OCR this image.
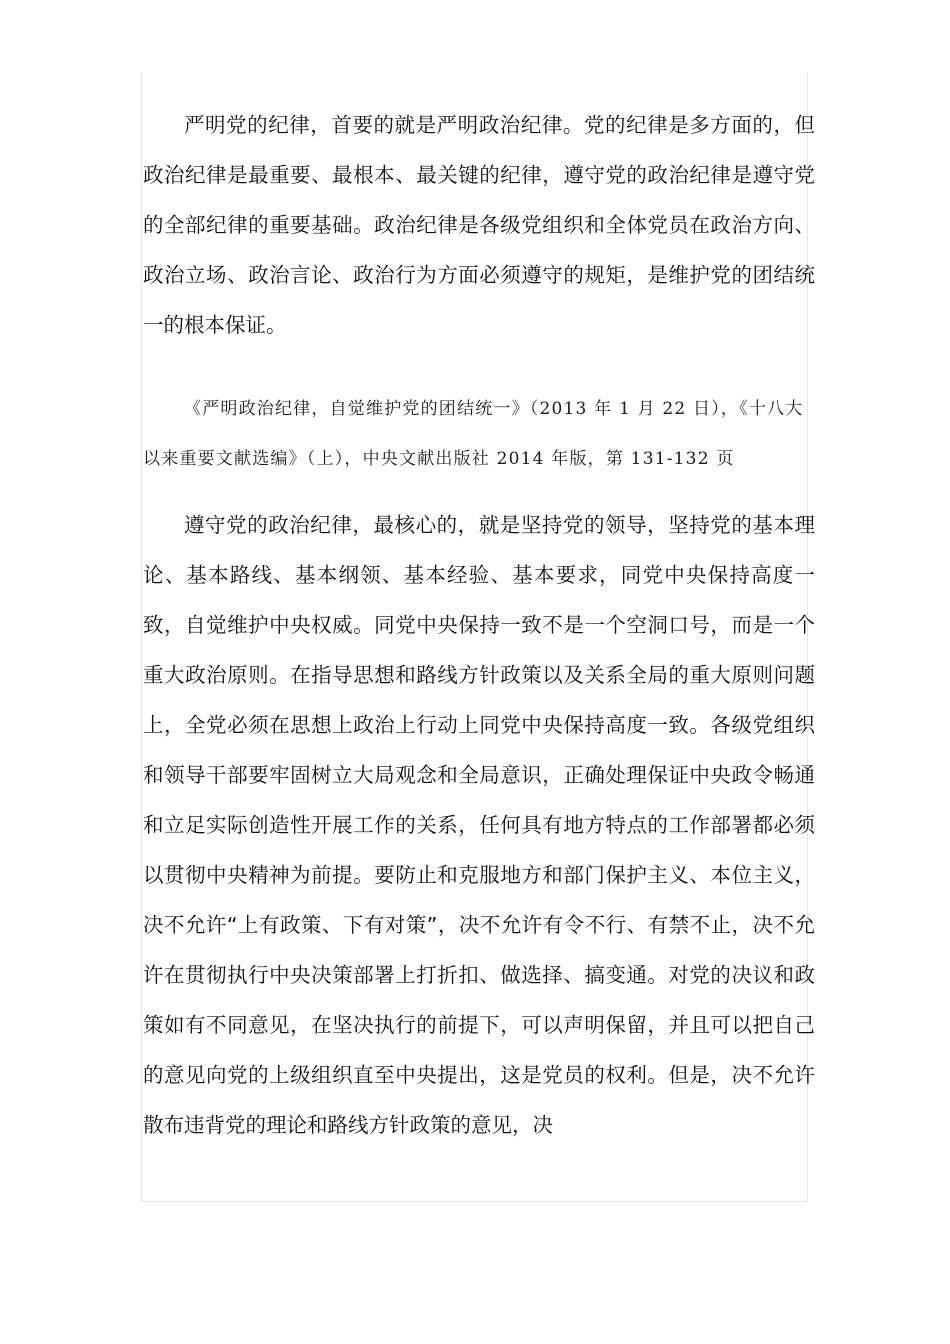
严明党的纪律，首要的就是严明政治纪律。党的纪律是多方面的，但政治纪律是最重要、最根本、最关键的纪律，遵守党的政治纪律是遵守党的全部纪律的重要基础。政治纪律是各级党组织和全体党员在政治方向、政治立场、政治言论、政治行为方面必须遵守的规矩，是维护党的团结统一的根本保证。

《严明政治纪律，自觉维护党的团结统一》（2013 年 1 月 22 日），《十八大以来重要文献选编》（上），中央文献出版社 2014 年版，第 131-132 页

遵守党的政治纪律，最核心的，就是坚持党的领导，坚持党的基本理论、基本路线、基本纲领、基本经验、基本要求，同党中央保持高度一致，自觉维护中央权威。同党中央保持一致不是一个空洞口号，而是一个重大政治原则。在指导思想和路线方针政策以及关系全局的重大原则问题上，全党必须在思想上政治上行动上同党中央保持高度一致。各级党组织和领导干部要牢固树立大局观念和全局意识，正确处理保证中央政令畅通和立足实际创造性开展工作的关系，任何具有地方特点的工作部署都必须以贯彻中央精神为前提。要防止和克服地方和部门保护主义、本位主义，决不允许“上有政策、下有对策”，决不允许有令不行、有禁不止，决不允许在贯彻执行中央决策部署上打折扣、做选择、搞变通。对党的决议和政策如有不同意见，在坚决执行的前提下，可以声明保留，并且可以把自己的意见向党的上级组织直至中央提出，这是党员的权利。但是，决不允许散布违背党的理论和路线方针政策的意见，决
